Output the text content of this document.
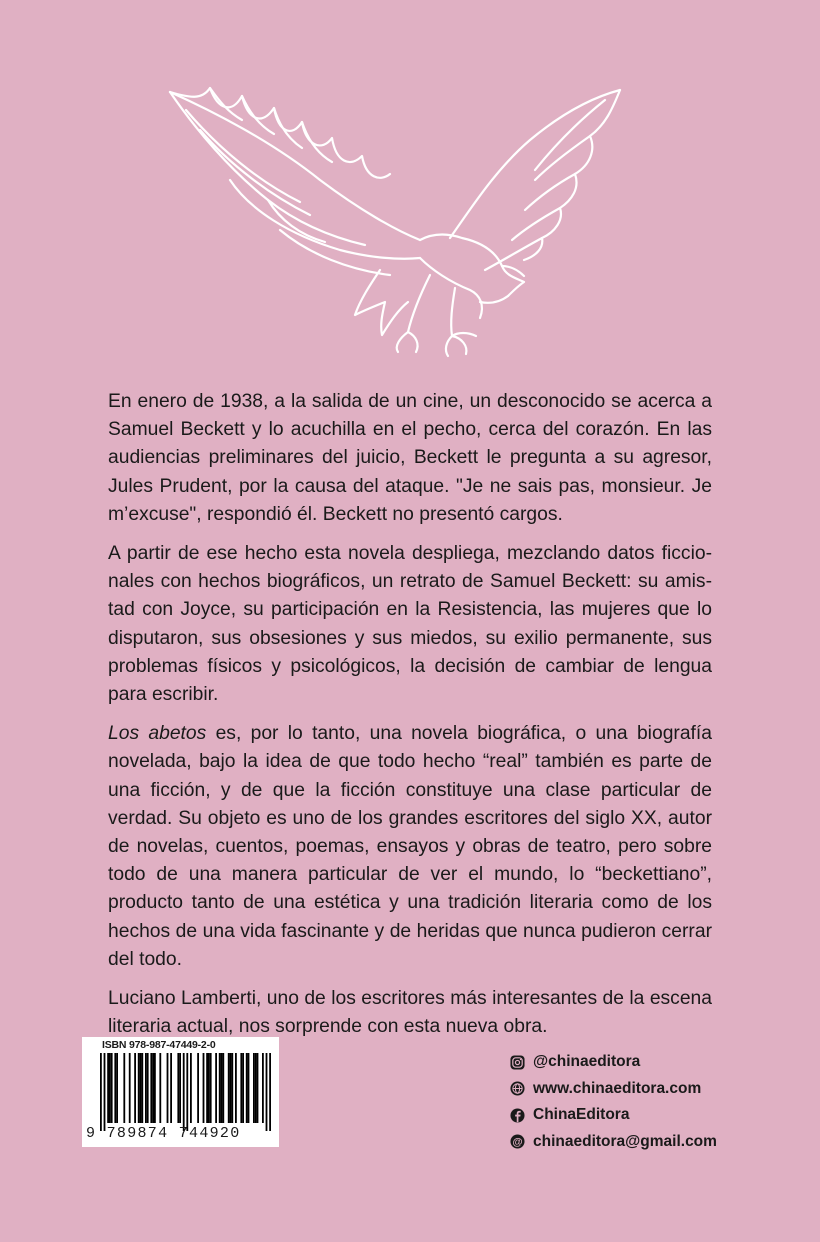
En enero de 1938, a la salida de un cine, un desconocido se acerca a Samuel Beckett y lo acuchilla en el pecho, cerca del corazón. En las audiencias preliminares del juicio, Beckett le pregunta a su agresor, Jules Prudent, por la causa del ataque. "Je ne sais pas, monsieur. Je m’excuse", respondió él. Beckett no presentó cargos.

A partir de ese hecho esta novela despliega, mezclando datos ficcionales con hechos biográficos, un retrato de Samuel Beckett: su amistad con Joyce, su participación en la Resistencia, las mujeres que lo disputaron, sus obsesiones y sus miedos, su exilio permanente, sus problemas físicos y psicológicos, la decisión de cambiar de lengua para escribir.

Los abetos es, por lo tanto, una novela biográfica, o una biografía novelada, bajo la idea de que todo hecho “real” también es parte de una ficción, y de que la ficción constituye una clase particular de verdad. Su objeto es uno de los grandes escritores del siglo XX, autor de novelas, cuentos, poemas, ensayos y obras de teatro, pero sobre todo de una manera particular de ver el mundo, lo “beckettiano”, producto tanto de una estética y una tradición literaria como de los hechos de una vida fascinante y de heridas que nunca pudieron cerrar del todo.

Luciano Lamberti, uno de los escritores más interesantes de la escena literaria actual, nos sorprende con esta nueva obra.

ISBN 978-987-47449-2-0
9 789874 744920
@chinaeditora
www.chinaeditora.com
ChinaEditora
@ chinaeditora@gmail.com
